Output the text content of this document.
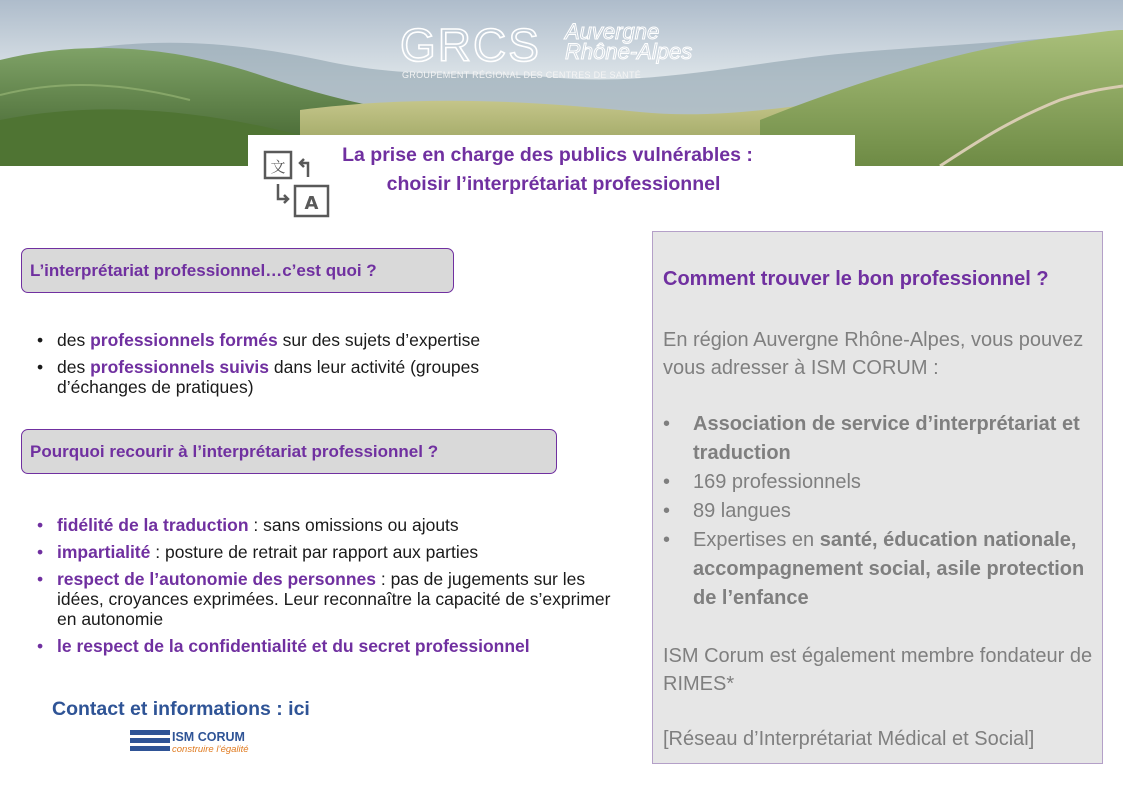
GRCS Auvergne
Rhône-Alpes
GROUPEMENT RÉGIONAL DES CENTRES DE SANTÉ
La prise en charge des publics vulnérables :
choisir l’interprétariat professionnel
文
A
L’interprétariat professionnel…c’est quoi ?
• des professionnels formés sur des sujets d’expertise
• des professionnels suivis dans leur activité (groupes d’échanges de pratiques)
Pourquoi recourir à l’interprétariat professionnel ?
• fidélité de la traduction : sans omissions ou ajouts
• impartialité : posture de retrait par rapport aux parties
• respect de l’autonomie des personnes : pas de jugements sur les idées, croyances exprimées. Leur reconnaître la capacité de s’exprimer en autonomie
• le respect de la confidentialité et du secret professionnel
Contact et informations : ici
ISM CORUM
construire l’égalité
Comment trouver le bon professionnel ?
En région Auvergne Rhône-Alpes, vous pouvez vous adresser à ISM CORUM :
• Association de service d’interprétariat et traduction
• 169 professionnels
• 89 langues
• Expertises en santé, éducation nationale, accompagnement social, asile protection de l’enfance
ISM Corum est également membre fondateur de RIMES*
[Réseau d’Interprétariat Médical et Social]
